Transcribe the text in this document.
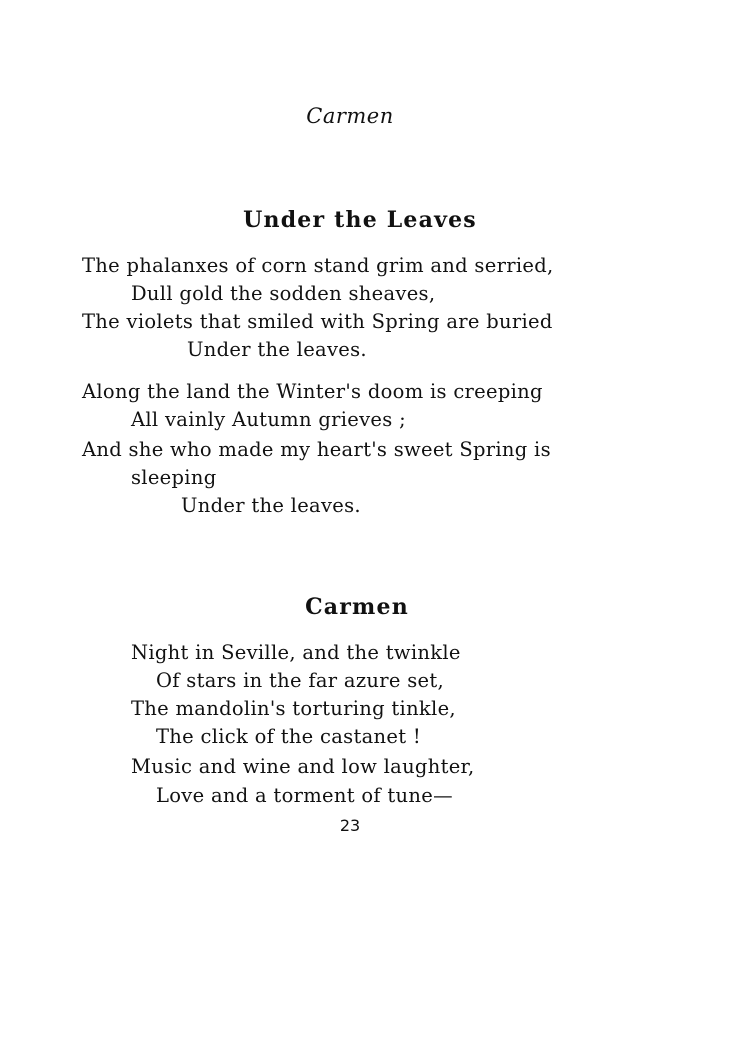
Carmen
Under the Leaves
The phalanxes of corn stand grim and serried,
Dull gold the sodden sheaves,
The violets that smiled with Spring are buried
Under the leaves.
Along the land the Winter's doom is creeping
All vainly Autumn grieves ;
And she who made my heart's sweet Spring is
sleeping
Under the leaves.
Carmen
Night in Seville, and the twinkle
Of stars in the far azure set,
The mandolin's torturing tinkle,
The click of the castanet !
Music and wine and low laughter,
Love and a torment of tune—
23
